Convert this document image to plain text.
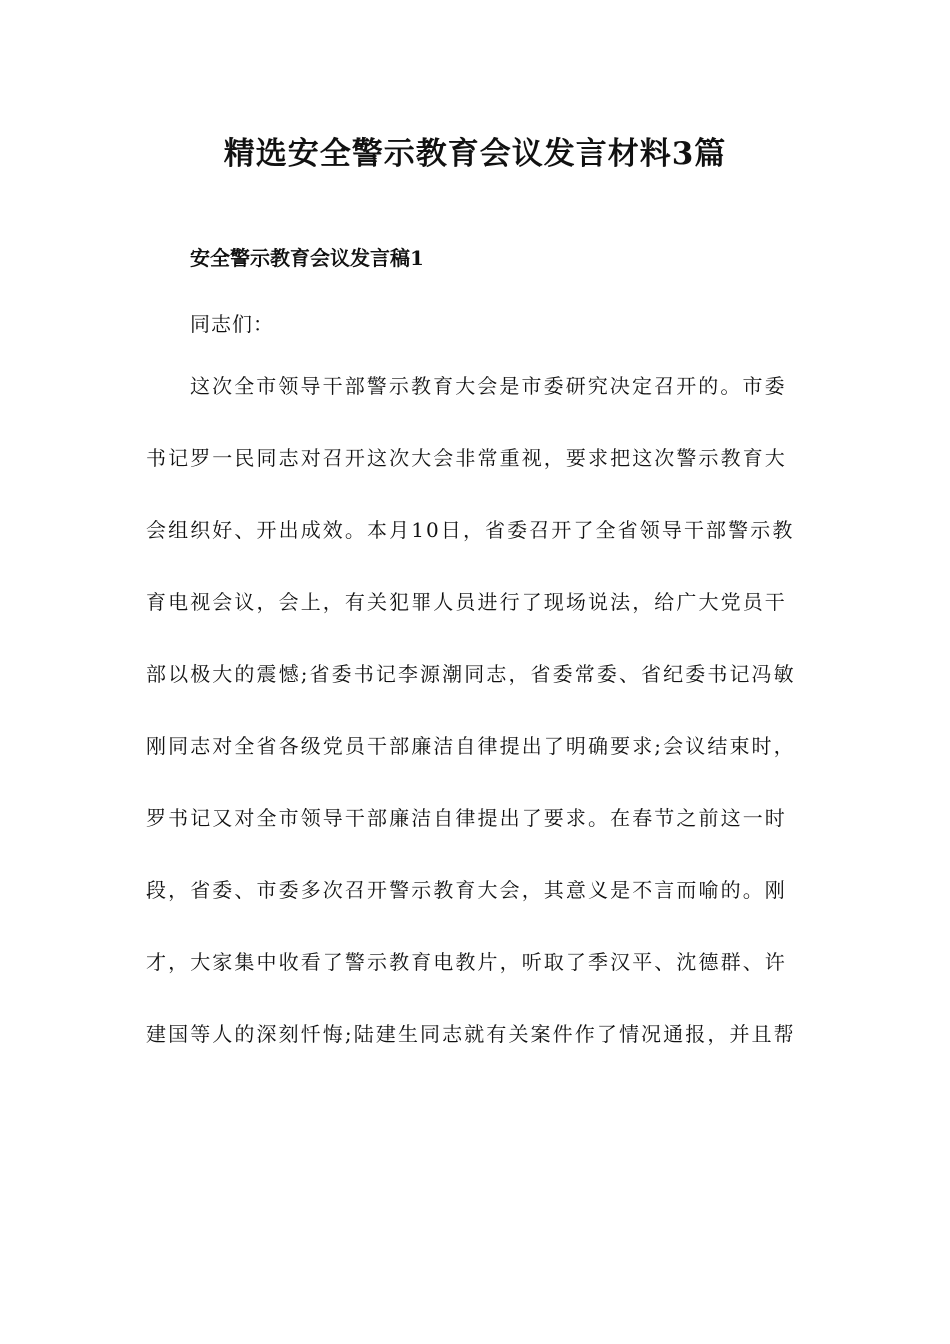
精选安全警示教育会议发言材料3篇

安全警示教育会议发言稿1

同志们：

这次全市领导干部警示教育大会是市委研究决定召开的。市委

书记罗一民同志对召开这次大会非常重视，要求把这次警示教育大

会组织好、开出成效。本月10日，省委召开了全省领导干部警示教

育电视会议，会上，有关犯罪人员进行了现场说法，给广大党员干

部以极大的震憾;省委书记李源潮同志，省委常委、省纪委书记冯敏

刚同志对全省各级党员干部廉洁自律提出了明确要求;会议结束时，

罗书记又对全市领导干部廉洁自律提出了要求。在春节之前这一时

段，省委、市委多次召开警示教育大会，其意义是不言而喻的。刚

才，大家集中收看了警示教育电教片，听取了季汉平、沈德群、许

建国等人的深刻忏悔;陆建生同志就有关案件作了情况通报，并且帮
